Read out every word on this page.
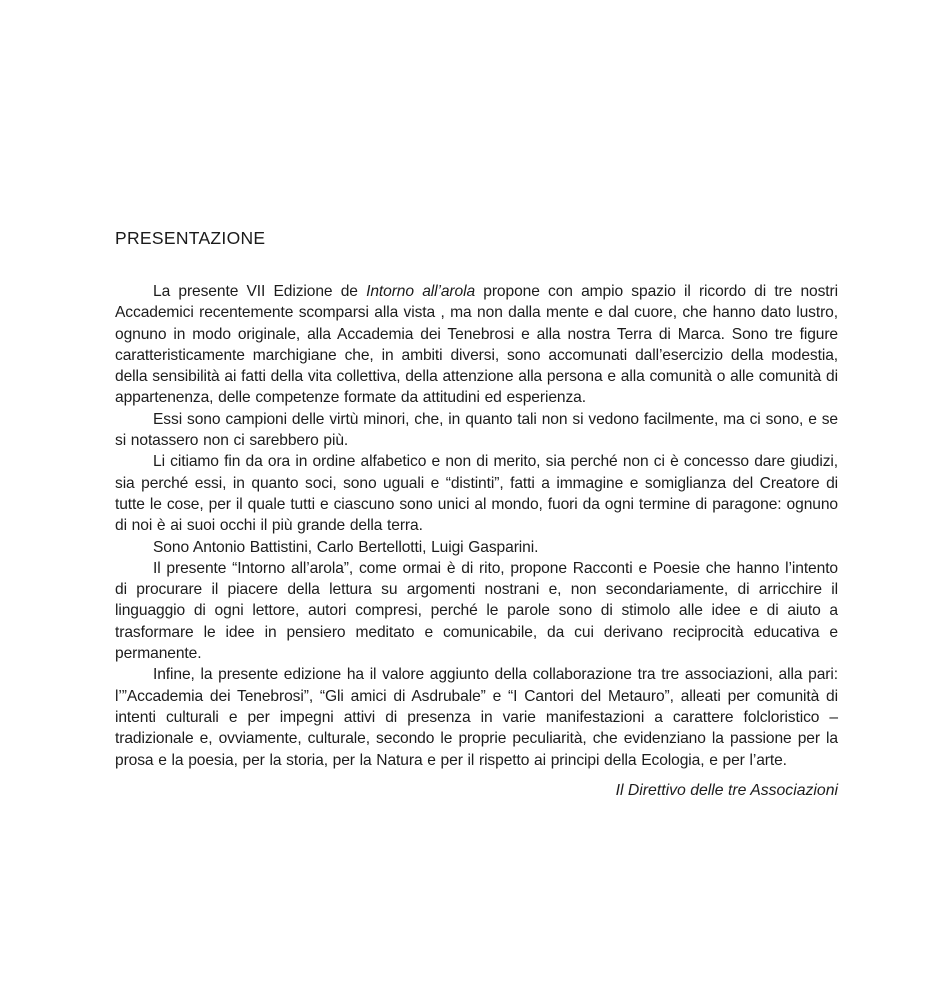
PRESENTAZIONE

La presente VII Edizione de Intorno all’arola propone con ampio spazio il ricordo di tre nostri Accademici recentemente scomparsi alla vista , ma non dalla mente e dal cuore, che hanno dato lustro, ognuno in modo originale, alla Accademia dei Tenebrosi e alla nostra Terra di Marca. Sono tre figure caratteristicamente marchigiane che, in ambiti diversi, sono accomunati dall’esercizio della modestia, della sensibilità ai fatti della vita collettiva, della attenzione alla persona e alla comunità o alle comunità di appartenenza, delle competenze formate da attitudini ed esperienza.

Essi sono campioni delle virtù minori, che, in quanto tali non si vedono facilmente, ma ci sono, e se si notassero non ci sarebbero più.

Li citiamo fin da ora in ordine alfabetico e non di merito, sia perché non ci è concesso dare giudizi, sia perché essi, in quanto soci, sono uguali e “distinti”, fatti a immagine e somiglianza del Creatore di tutte le cose, per il quale tutti e ciascuno sono unici al mondo, fuori da ogni termine di paragone: ognuno di noi è ai suoi occhi il più grande della terra.

Sono Antonio Battistini, Carlo Bertellotti, Luigi Gasparini.

Il presente “Intorno all’arola”, come ormai è di rito, propone Racconti e Poesie che hanno l’intento di procurare il piacere della lettura su argomenti nostrani e, non secondariamente, di arricchire il linguaggio di ogni lettore, autori compresi, perché le parole sono di stimolo alle idee e di aiuto a trasformare le idee in pensiero meditato e comunicabile, da cui derivano reciprocità educativa e permanente.

Infine, la presente edizione ha il valore aggiunto della collaborazione tra tre associazioni, alla pari: l’”Accademia dei Tenebrosi”, “Gli amici di Asdrubale” e “I Cantori del Metauro”, alleati per comunità di intenti culturali e per impegni attivi di presenza in varie manifestazioni a carattere folcloristico – tradizionale e, ovviamente, culturale, secondo le proprie peculiarità, che evidenziano la passione per la prosa e la poesia, per la storia, per la Natura e per il rispetto ai principi della Ecologia, e per l’arte.

Il Direttivo delle tre Associazioni
